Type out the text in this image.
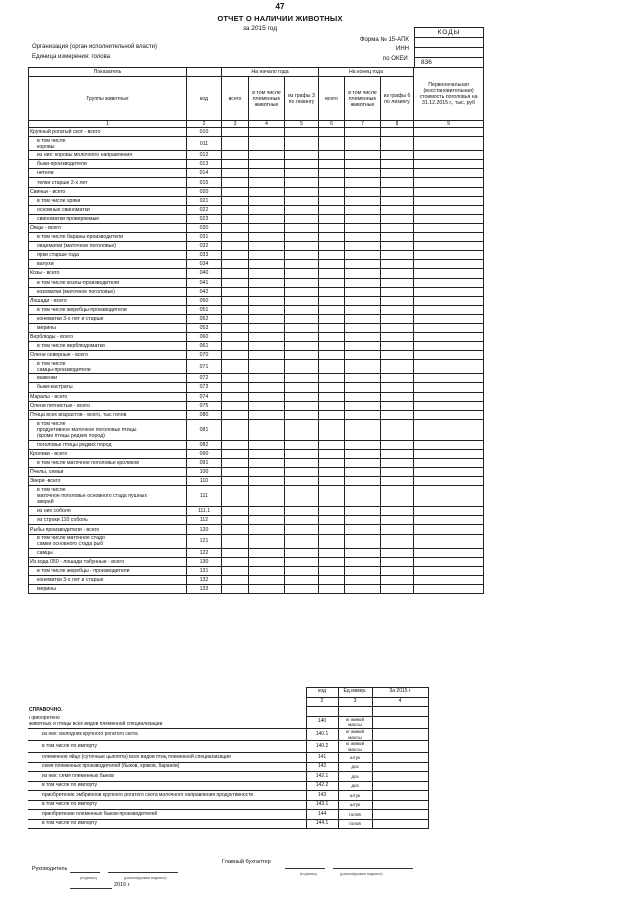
47
ОТЧЕТ О НАЛИЧИИ ЖИВОТНЫХ
за 2015 год
КОДЫ

836
Форма № 15-АПК
ИНН
по ОКЕИ
Организация (орган исполнительной власти)
Единица измерения: голова
Показатель		На начало года			На конец года			Первоначальная (восстановительная) стоимость поголовья на 31.12.2015 г., тыс. руб
Группы животных	код	всего	в том числе племенные животные	из графы 3 по лизингу	всего	в том числе племенные животные	из графы 6 по лизингу	
1	2	3	4	5	6	7	8	9
Крупный рогатый скот - всего	010							
в том числе
коровы	011							
из них: коровы молочного направления	012							
быки-производители	013							
нетели	014							
телки старше 2-х лет	015							
Свиньи - всего	020							
в том числе хряки	021							
основные свиноматки	022							
свиноматки проверяемые	023							
Овцы - всего	030							
в том числе бараны-производители	031							
овцематки (маточное поголовье)	032							
ярки старше года	033							
валухи	034							
Козы - всего	040							
в том числе козлы-производители	041							
козоматки (маточное поголовье)	042							
Лошади - всего	050							
в том числе жеребцы-производители	051							
конематки 3-х лет и старше	052							
мерины	053							
Верблюды - всего	060							
в том числе верблюдоматки	061							
Олени северные - всего	070							
в том числе
самцы-производители	071							
важенки	072							
быки-кастраты	073							
Маралы - всего	074							
Олени пятнистые - всего	075							
Птица всех возрастов - всего, тыс голов	080							
в том числе
продуктивное маточное поголовье птицы
(кроме птицы редких пород)	081							
поголовье птицы редких пород	082							
Кролики - всего	090							
в том числе маточное поголовье кроликов	091							
Пчелы, семьи	100							
Звери -всего	110							
в том числе
маточное поголовье основного стада пушных
зверей	111							
из них соболя	111.1							
из строки 110 соболь	112							
Рыбы-производители - всего	120							
в том числе маточное стадо
самки основного стада рыб	121							
самцы	122							
Из кода 050 - лошади табунные - всего	130							
в том числе жеребцы - производители	131							
конематки 3-х лет и старше	132							
мерины	133							
	код	Ед.измер.	За 2015 г
	2	3	4
СПРАВОЧНО.			
Приобретено
животных и птицы всех видов племенной специализации	140	кг живой массы	
из них: молодняк крупного рогатого скота	140.1	кг живой массы	
в том числе по импорту	140.2	кг живой массы	
племенное яйцо (суточные цыплята) всех видов птиц племенной специализации	141	штук	
семя племенных производителей (быков, хряков, баранов)	142	доз	
из них: семя племенных быков	142.1	доз	
в том числе по импорту	142.2	доз	
приобретение эмбрионов крупного рогатого скота молочного направления продуктивности	143	штук	
в том числе по импорту	143.1	штук	
приобретение племенных быков-производителей	144	голов	
в том числе по импорту	144.1	голов	
Руководитель
(подпись)	(расшифровка подписи)
Главный бухгалтер
(подпись)	(расшифровка подписи)
2016 г
